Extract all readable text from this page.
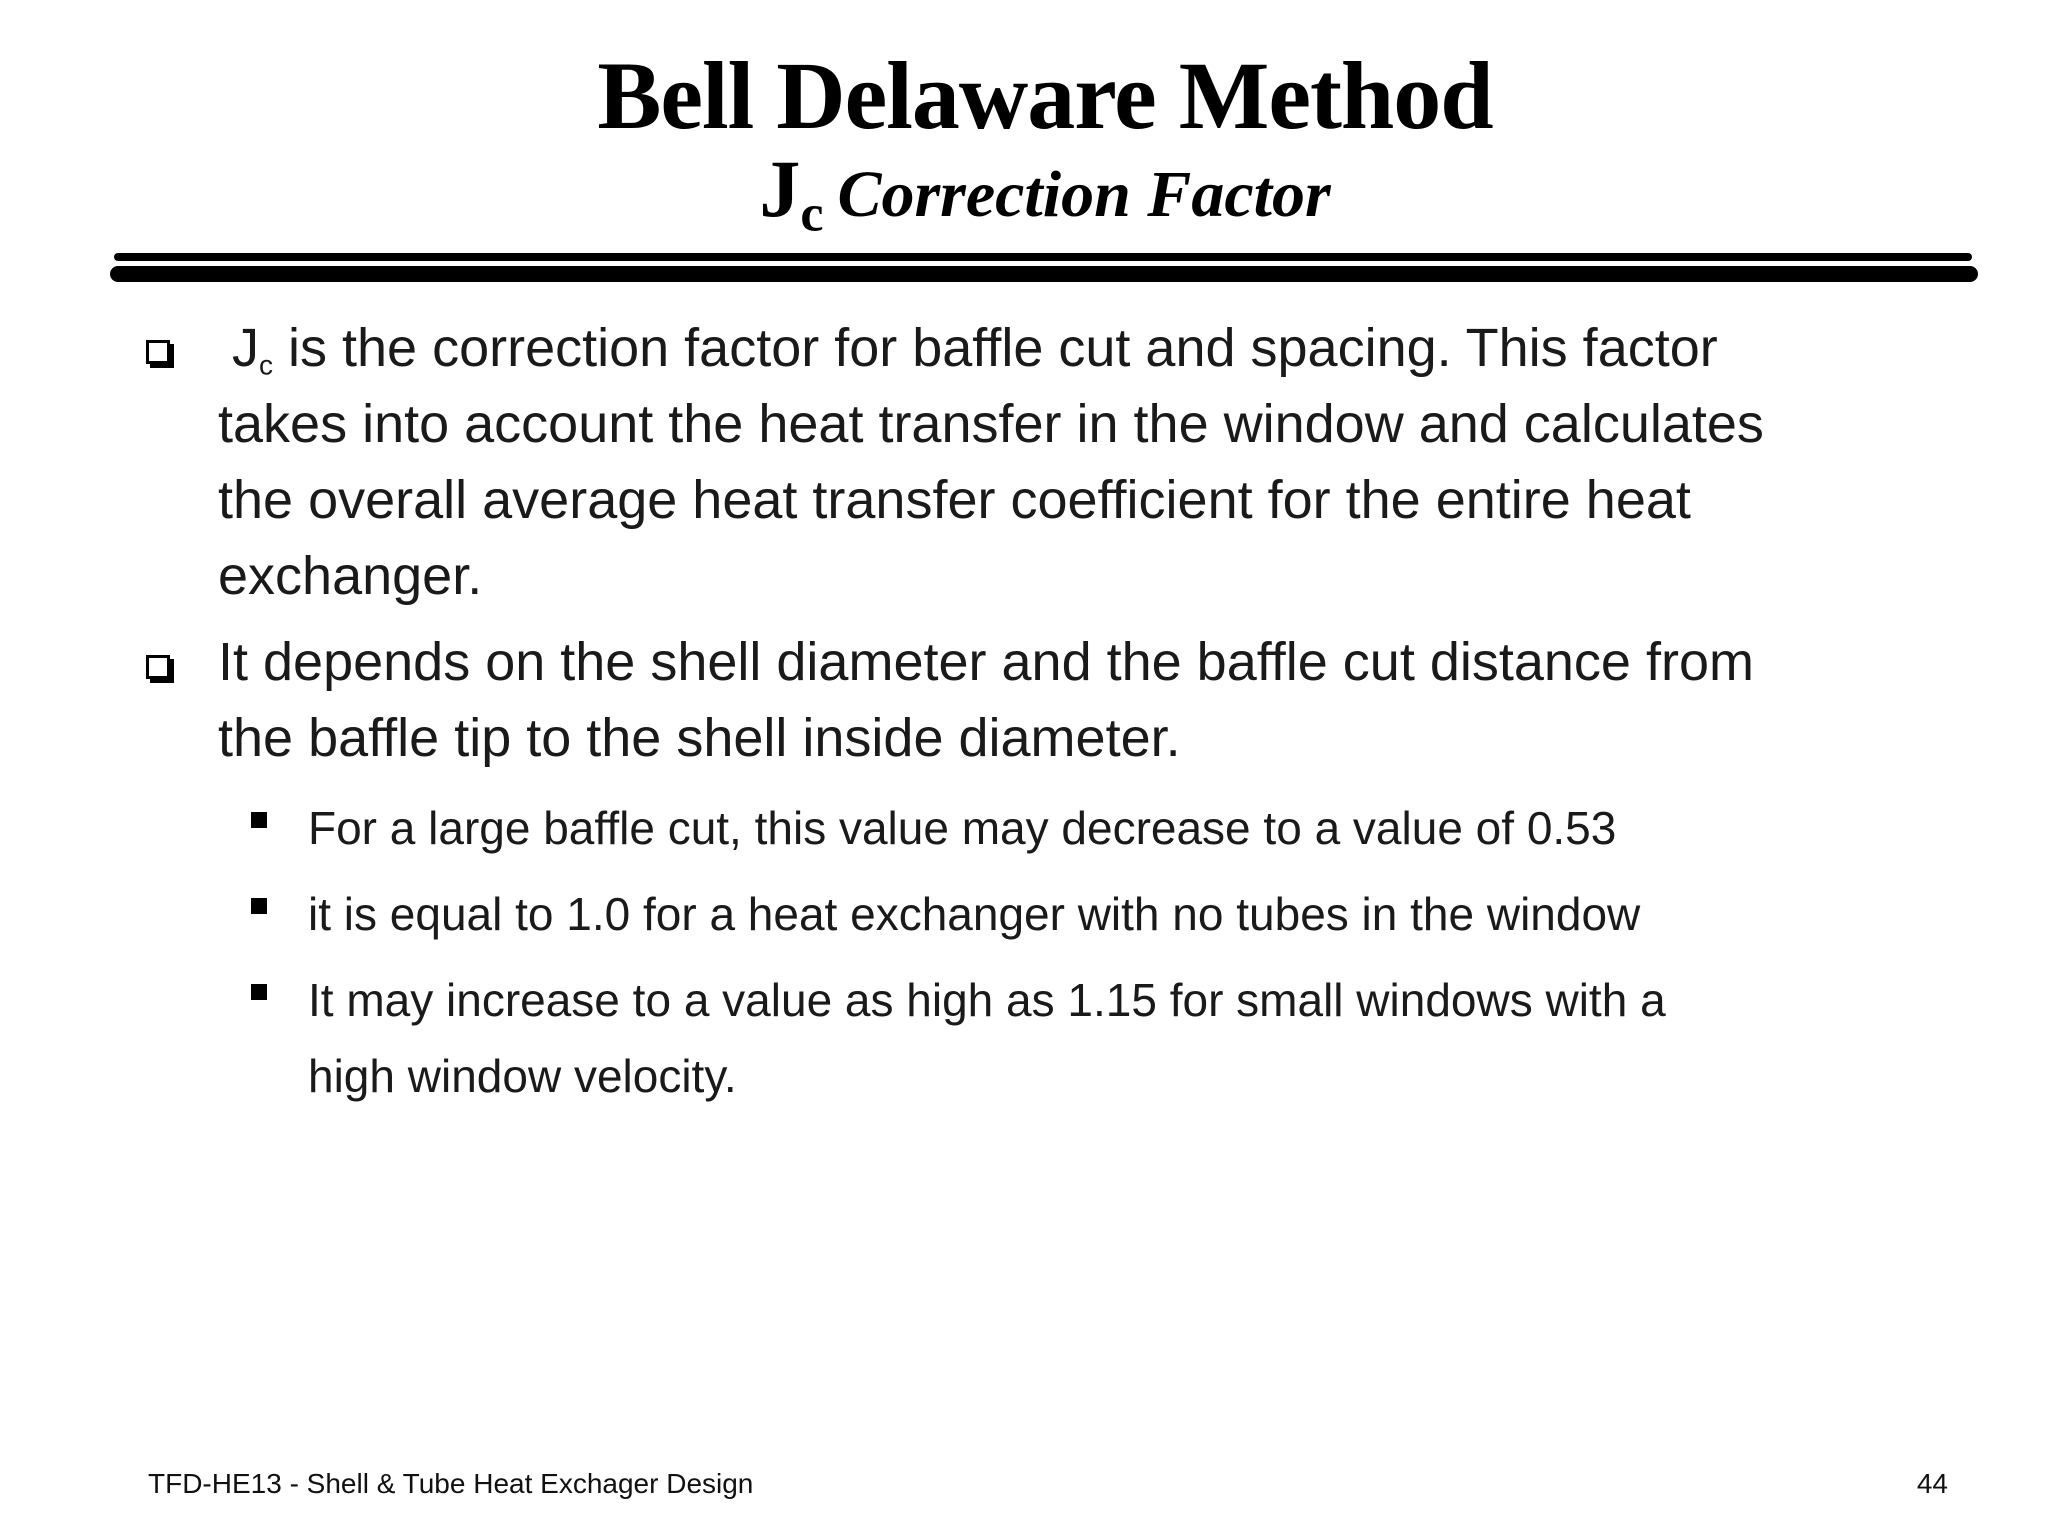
Bell Delaware Method
$J_c$ Correction Factor
$J_c$ is the correction factor for baffle cut and spacing. This factor
takes into account the heat transfer in the window and calculates
the overall average heat transfer coefficient for the entire heat
exchanger.
It depends on the shell diameter and the baffle cut distance from
the baffle tip to the shell inside diameter.
For a large baffle cut, this value may decrease to a value of 0.53
it is equal to 1.0 for a heat exchanger with no tubes in the window
It may increase to a value as high as 1.15 for small windows with a
high window velocity.
TFD-HE13 - Shell & Tube Heat Exchager Design	44
